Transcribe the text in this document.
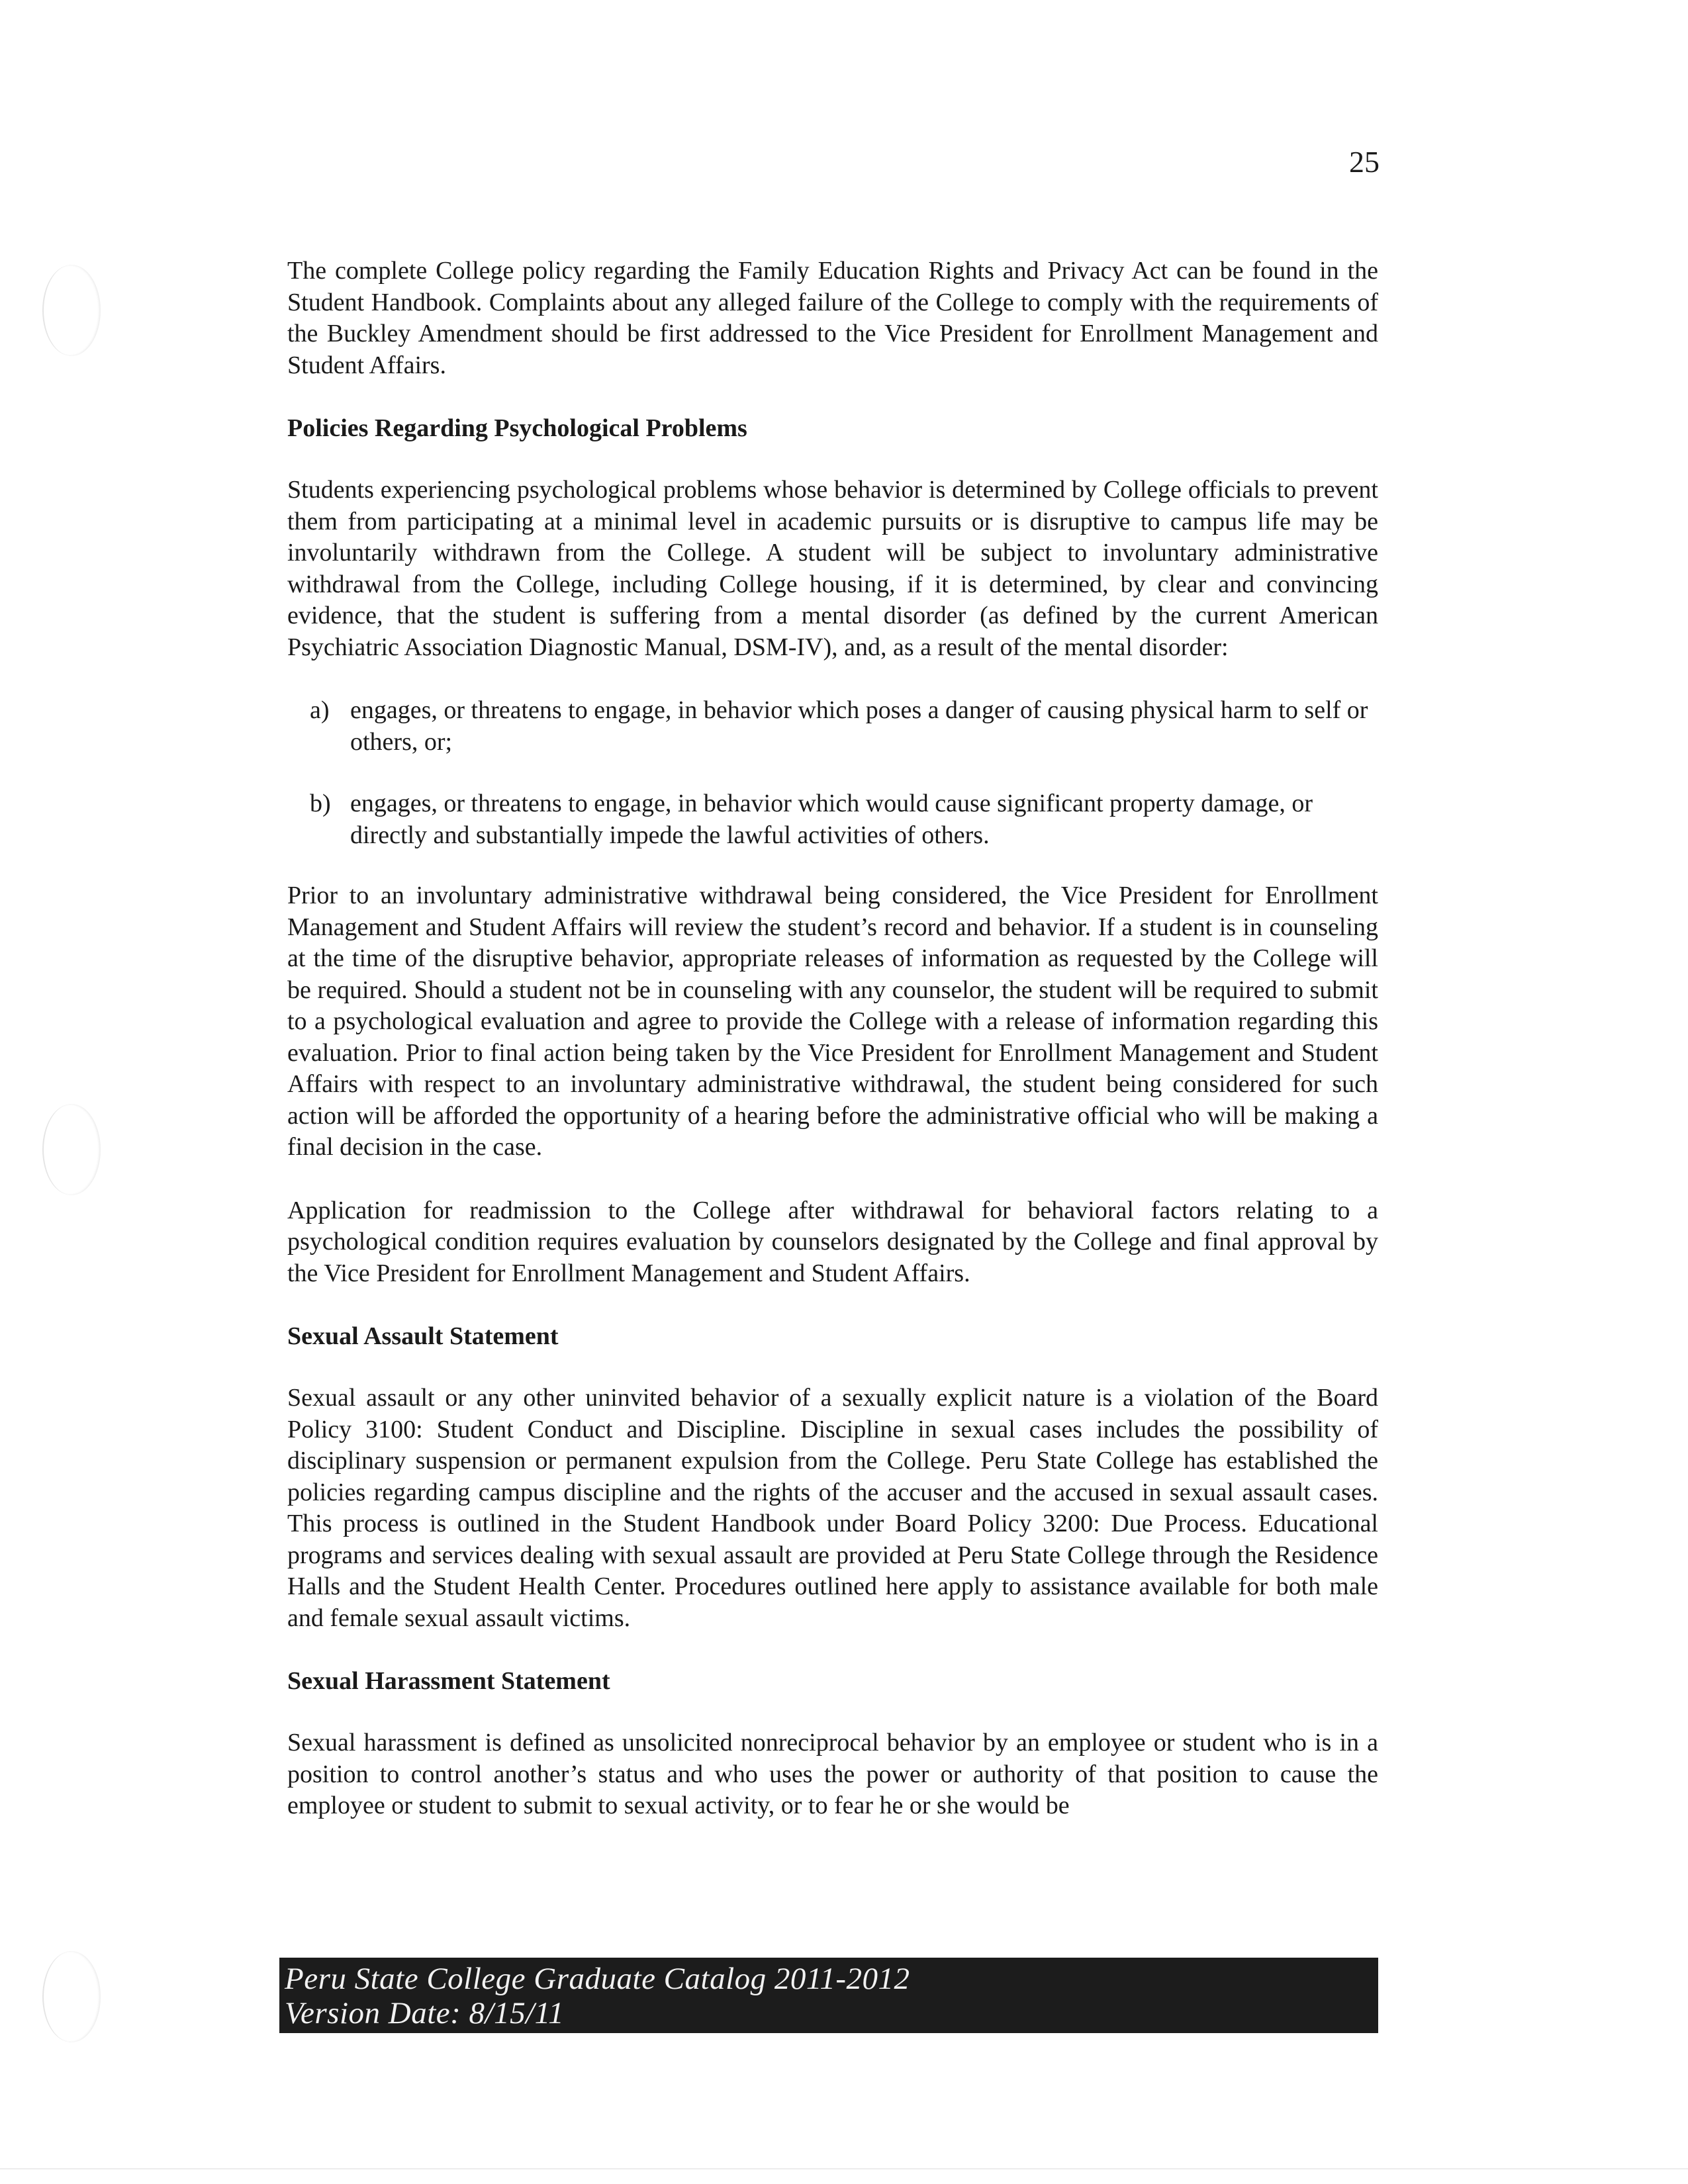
25

The complete College policy regarding the Family Education Rights and Privacy Act can be found in the Student Handbook. Complaints about any alleged failure of the College to comply with the requirements of the Buckley Amendment should be first addressed to the Vice President for Enrollment Management and Student Affairs.

Policies Regarding Psychological Problems

Students experiencing psychological problems whose behavior is determined by College officials to prevent them from participating at a minimal level in academic pursuits or is disruptive to campus life may be involuntarily withdrawn from the College. A student will be subject to involuntary administrative withdrawal from the College, including College housing, if it is determined, by clear and convincing evidence, that the student is suffering from a mental disorder (as defined by the current American Psychiatric Association Diagnostic Manual, DSM-IV), and, as a result of the mental disorder:

a) engages, or threatens to engage, in behavior which poses a danger of causing physical harm to self or others, or;
b) engages, or threatens to engage, in behavior which would cause significant property damage, or directly and substantially impede the lawful activities of others.

Prior to an involuntary administrative withdrawal being considered, the Vice President for Enrollment Management and Student Affairs will review the student’s record and behavior. If a student is in counseling at the time of the disruptive behavior, appropriate releases of information as requested by the College will be required. Should a student not be in counseling with any counselor, the student will be required to submit to a psychological evaluation and agree to provide the College with a release of information regarding this evaluation. Prior to final action being taken by the Vice President for Enrollment Management and Student Affairs with respect to an involuntary administrative withdrawal, the student being considered for such action will be afforded the opportunity of a hearing before the administrative official who will be making a final decision in the case.

Application for readmission to the College after withdrawal for behavioral factors relating to a psychological condition requires evaluation by counselors designated by the College and final approval by the Vice President for Enrollment Management and Student Affairs.

Sexual Assault Statement

Sexual assault or any other uninvited behavior of a sexually explicit nature is a violation of the Board Policy 3100: Student Conduct and Discipline. Discipline in sexual cases includes the possibility of disciplinary suspension or permanent expulsion from the College. Peru State College has established the policies regarding campus discipline and the rights of the accuser and the accused in sexual assault cases. This process is outlined in the Student Handbook under Board Policy 3200: Due Process. Educational programs and services dealing with sexual assault are provided at Peru State College through the Residence Halls and the Student Health Center. Procedures outlined here apply to assistance available for both male and female sexual assault victims.

Sexual Harassment Statement

Sexual harassment is defined as unsolicited nonreciprocal behavior by an employee or student who is in a position to control another’s status and who uses the power or authority of that position to cause the employee or student to submit to sexual activity, or to fear he or she would be

Peru State College Graduate Catalog 2011-2012
Version Date: 8/15/11
